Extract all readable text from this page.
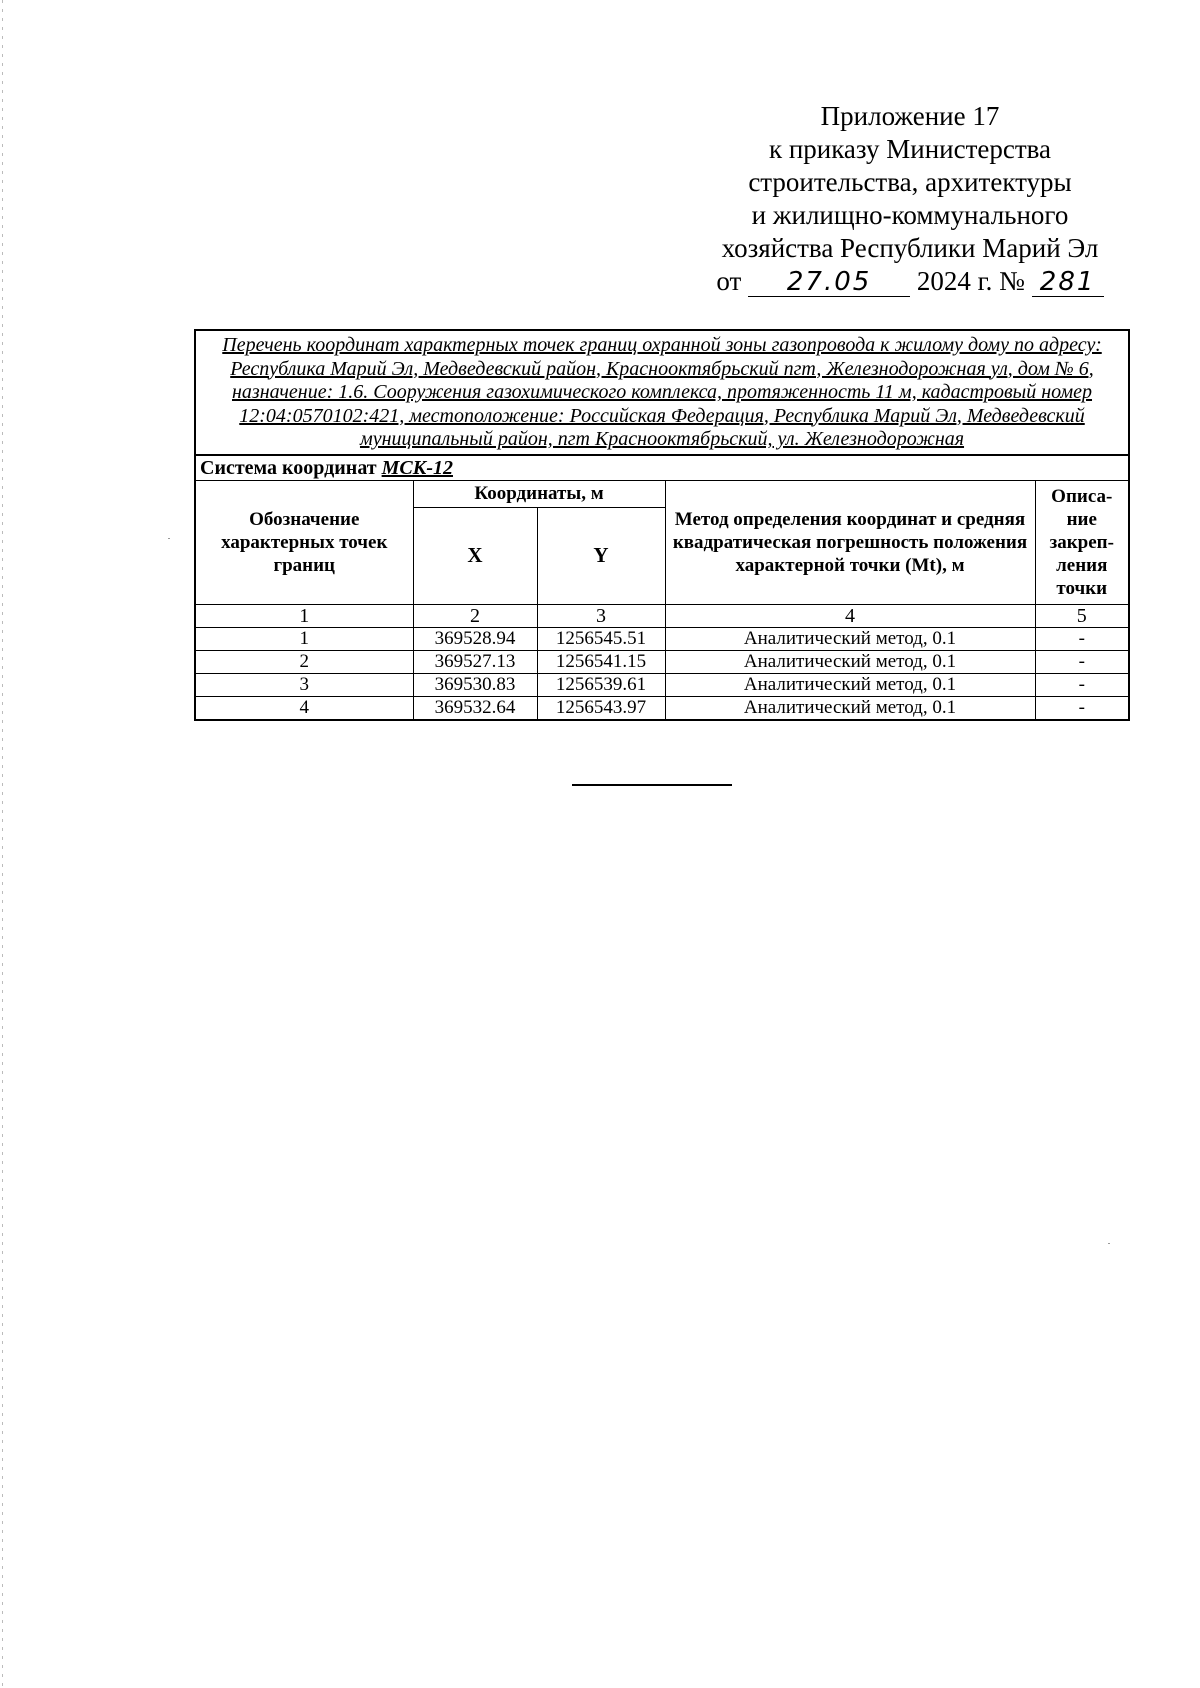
Приложение 17
к приказу Министерства
строительства, архитектуры
и жилищно-коммунального
хозяйства Республики Марий Эл
от 27.05 2024 г. № 281
Перечень координат характерных точек границ охранной зоны газопровода к жилому дому по адресу: Республика Марий Эл, Медведевский район, Краснооктябрьский пгт, Железнодорожная ул, дом № 6, назначение: 1.6. Сооружения газохимического комплекса, протяженность 11 м, кадастровый номер 12:04:0570102:421, местоположение: Российская Федерация, Республика Марий Эл, Медведевский муниципальный район, пгт Красноoктябрьский, ул. Железнодорожная				
Система координат МСК-12				
Обозначение характерных точек границ	Координаты, м		Метод определения координат и средняя квадратическая погрешность положения характерной точки (Mt), м	Описа-ние закреп-ления точки
	X	Y		
1	2	3	4	5
1	369528.94	1256545.51	Аналитический метод, 0.1	-
2	369527.13	1256541.15	Аналитический метод, 0.1	-
3	369530.83	1256539.61	Аналитический метод, 0.1	-
4	369532.64	1256543.97	Аналитический метод, 0.1	-
